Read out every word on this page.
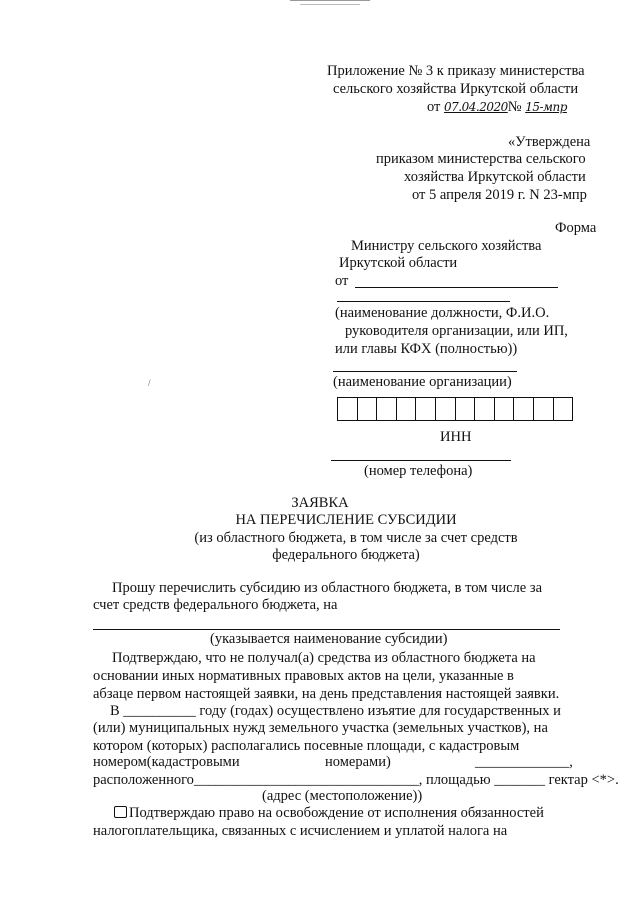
Приложение № 3 к приказу министерства
сельского хозяйства Иркутской области
от 07.04.2020№ 15-мпр
«Утверждена
приказом министерства сельского
хозяйства Иркутской области
от 5 апреля 2019 г. N 23-мпр
Форма
Министру сельского хозяйства
Иркутской области
от
(наименование должности, Ф.И.О.
руководителя организации, или ИП,
или главы КФХ (полностью))
(наименование организации)
ИНН
(номер телефона)
/
ЗАЯВКА
НА ПЕРЕЧИСЛЕНИЕ СУБСИДИИ
(из областного бюджета, в том числе за счет средств
федерального бюджета)
Прошу перечислить субсидию из областного бюджета, в том числе за
счет средств федерального бюджета, на
(указывается наименование субсидии)
Подтверждаю, что не получал(а) средства из областного бюджета на
основании иных нормативных правовых актов на цели, указанные в
абзаце первом настоящей заявки, на день представления настоящей заявки.
В __________ году (годах) осуществлено изъятие для государственных и
(или) муниципальных нужд земельного участка (земельных участков), на
котором (которых) располагались посевные площади, с кадастровым
номером(кадастровыми	номерами)	_____________,
расположенного_______________________________, площадью _______ гектар <*>.
(адрес (местоположение))
Подтверждаю право на освобождение от исполнения обязанностей
налогоплательщика, связанных с исчислением и уплатой налога на
